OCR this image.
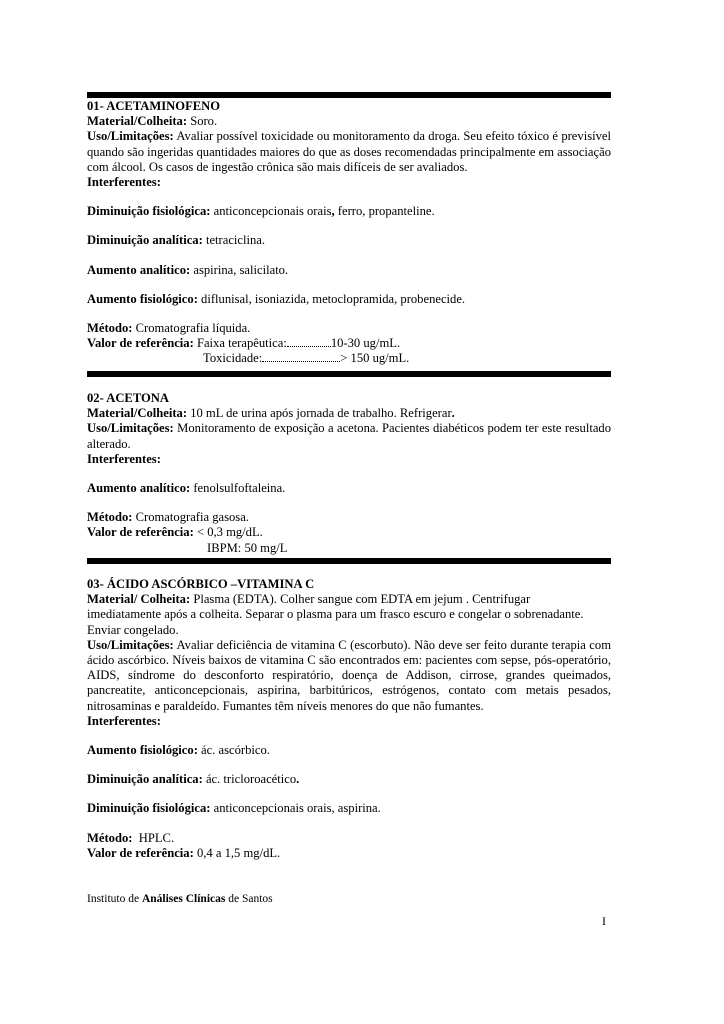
01- ACETAMINOFENO
Material/Colheita: Soro.
Uso/Limitações: Avaliar possível toxicidade ou monitoramento da droga. Seu efeito tóxico é previsível quando são ingeridas quantidades maiores do que as doses recomendadas principalmente em associação com álcool. Os casos de ingestão crônica são mais difíceis de ser avaliados.
Interferentes:
Diminuição fisiológica: anticoncepcionais orais, ferro, propanteline.
Diminuição analítica: tetraciclina.
Aumento analítico: aspirina, salicilato.
Aumento fisiológico: diflunisal, isoniazida, metoclopramida, probenecide.
Método: Cromatografia líquida.
Valor de referência: Faixa terapêutica:	10-30 ug/mL.
Toxicidade:	> 150 ug/mL.
02- ACETONA
Material/Colheita: 10 mL de urina após jornada de trabalho. Refrigerar.
Uso/Limitações: Monitoramento de exposição a acetona. Pacientes diabéticos podem ter este resultado alterado.
Interferentes:
Aumento analítico: fenolsulfoftaleina.
Método: Cromatografia gasosa.
Valor de referência: < 0,3 mg/dL.
IBPM: 50 mg/L
03- ÁCIDO ASCÓRBICO –VITAMINA C
Material/ Colheita: Plasma (EDTA). Colher sangue com EDTA em jejum . Centrifugar
imediatamente após a colheita. Separar o plasma para um frasco escuro e congelar o sobrenadante.
Enviar congelado.
Uso/Limitações: Avaliar deficiência de vitamina C (escorbuto). Não deve ser feito durante terapia com ácido ascórbico. Níveis baixos de vitamina C são encontrados em: pacientes com sepse, pós-operatório, AIDS, síndrome do desconforto respiratório, doença de Addison, cirrose, grandes queimados, pancreatite, anticoncepcionais, aspirina, barbitúricos, estrógenos, contato com metais pesados, nitrosaminas e paraldeído. Fumantes têm níveis menores do que não fumantes.
Interferentes:
Aumento fisiológico: ác. ascórbico.
Diminuição analítica: ác. tricloroacético.
Diminuição fisiológica: anticoncepcionais orais, aspirina.
Método: HPLC.
Valor de referência: 0,4 a 1,5 mg/dL.
Instituto de Análises Clínicas de Santos
I
